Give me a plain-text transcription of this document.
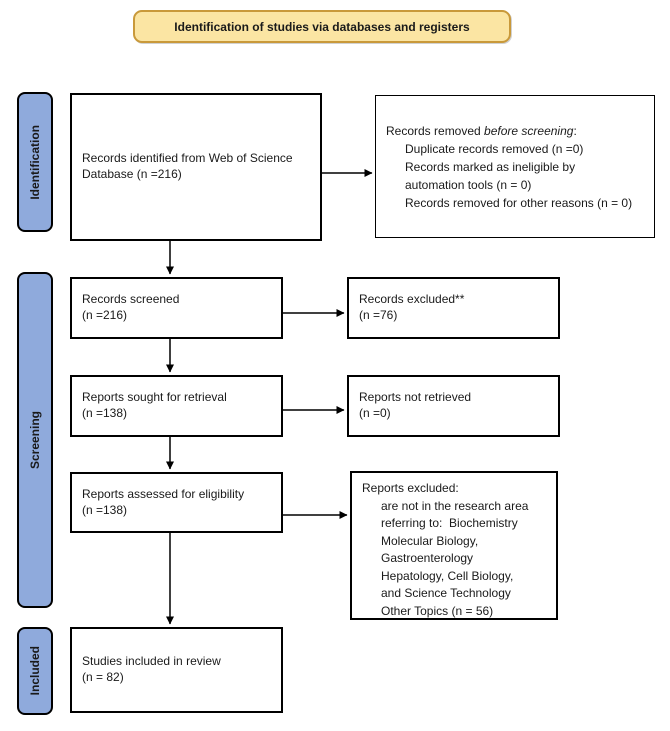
Identification of studies via databases and registers
Identification
Screening
Included
Records identified from Web of Science
Database (n =216)
Records screened
(n =216)
Reports sought for retrieval
(n =138)
Reports assessed for eligibility
(n =138)
Studies included in review
(n = 82)
Records removed before screening:
Duplicate records removed (n =0)
Records marked as ineligible by
automation tools (n = 0)
Records removed for other reasons (n = 0)
Records excluded**
(n =76)
Reports not retrieved
(n =0)
Reports excluded:
are not in the research area
referring to:  Biochemistry
Molecular Biology,
Gastroenterology
Hepatology, Cell Biology,
and Science Technology
Other Topics (n = 56)
